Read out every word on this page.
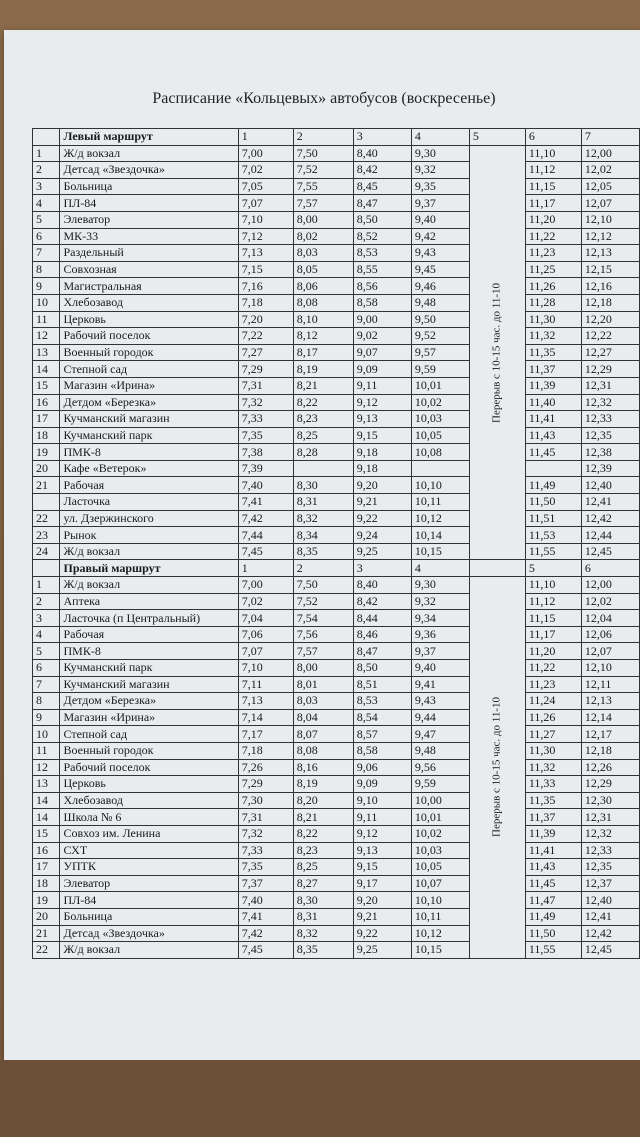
Расписание «Кольцевых» автобусов (воскресенье)
	Левый маршрут	1	2	3	4	5	6	7
1	Ж/д вокзал	7,00	7,50	8,40	9,30	Перерыв с 10-15 час. до 11-10	11,10	12,00
2	Детсад «Звездочка»	7,02	7,52	8,42	9,32		11,12	12,02
3	Больница	7,05	7,55	8,45	9,35		11,15	12,05
4	ПЛ-84	7,07	7,57	8,47	9,37		11,17	12,07
5	Элеватор	7,10	8,00	8,50	9,40		11,20	12,10
6	МК-33	7,12	8,02	8,52	9,42		11,22	12,12
7	Раздельный	7,13	8,03	8,53	9,43		11,23	12,13
8	Совхозная	7,15	8,05	8,55	9,45		11,25	12,15
9	Магистральная	7,16	8,06	8,56	9,46		11,26	12,16
10	Хлебозавод	7,18	8,08	8,58	9,48		11,28	12,18
11	Церковь	7,20	8,10	9,00	9,50		11,30	12,20
12	Рабочий поселок	7,22	8,12	9,02	9,52		11,32	12,22
13	Военный городок	7,27	8,17	9,07	9,57		11,35	12,27
14	Степной сад	7,29	8,19	9,09	9,59		11,37	12,29
15	Магазин «Ирина»	7,31	8,21	9,11	10,01		11,39	12,31
16	Детдом «Березка»	7,32	8,22	9,12	10,02		11,40	12,32
17	Кучманский магазин	7,33	8,23	9,13	10,03		11,41	12,33
18	Кучманский парк	7,35	8,25	9,15	10,05		11,43	12,35
19	ПМК-8	7,38	8,28	9,18	10,08		11,45	12,38
20	Кафе «Ветерок»	7,39		9,18				12,39
21	Рабочая	7,40	8,30	9,20	10,10		11,49	12,40
	Ласточка	7,41	8,31	9,21	10,11		11,50	12,41
22	ул. Дзержинского	7,42	8,32	9,22	10,12		11,51	12,42
23	Рынок	7,44	8,34	9,24	10,14		11,53	12,44
24	Ж/д вокзал	7,45	8,35	9,25	10,15		11,55	12,45
	Правый маршрут	1	2	3	4		5	6
1	Ж/д вокзал	7,00	7,50	8,40	9,30	Перерыв с 10-15 час. до 11-10	11,10	12,00
2	Аптека	7,02	7,52	8,42	9,32		11,12	12,02
3	Ласточка (п Центральный)	7,04	7,54	8,44	9,34		11,15	12,04
4	Рабочая	7,06	7,56	8,46	9,36		11,17	12,06
5	ПМК-8	7,07	7,57	8,47	9,37		11,20	12,07
6	Кучманский парк	7,10	8,00	8,50	9,40		11,22	12,10
7	Кучманский магазин	7,11	8,01	8,51	9,41		11,23	12,11
8	Детдом «Березка»	7,13	8,03	8,53	9,43		11,24	12,13
9	Магазин «Ирина»	7,14	8,04	8,54	9,44		11,26	12,14
10	Степной сад	7,17	8,07	8,57	9,47		11,27	12,17
11	Военный городок	7,18	8,08	8,58	9,48		11,30	12,18
12	Рабочий поселок	7,26	8,16	9,06	9,56		11,32	12,26
13	Церковь	7,29	8,19	9,09	9,59		11,33	12,29
14	Хлебозавод	7,30	8,20	9,10	10,00		11,35	12,30
14	Школа № 6	7,31	8,21	9,11	10,01		11,37	12,31
15	Совхоз им. Ленина	7,32	8,22	9,12	10,02		11,39	12,32
16	СХТ	7,33	8,23	9,13	10,03		11,41	12,33
17	УПТК	7,35	8,25	9,15	10,05		11,43	12,35
18	Элеватор	7,37	8,27	9,17	10,07		11,45	12,37
19	ПЛ-84	7,40	8,30	9,20	10,10		11,47	12,40
20	Больница	7,41	8,31	9,21	10,11		11,49	12,41
21	Детсад «Звездочка»	7,42	8,32	9,22	10,12		11,50	12,42
22	Ж/д вокзал	7,45	8,35	9,25	10,15		11,55	12,45
